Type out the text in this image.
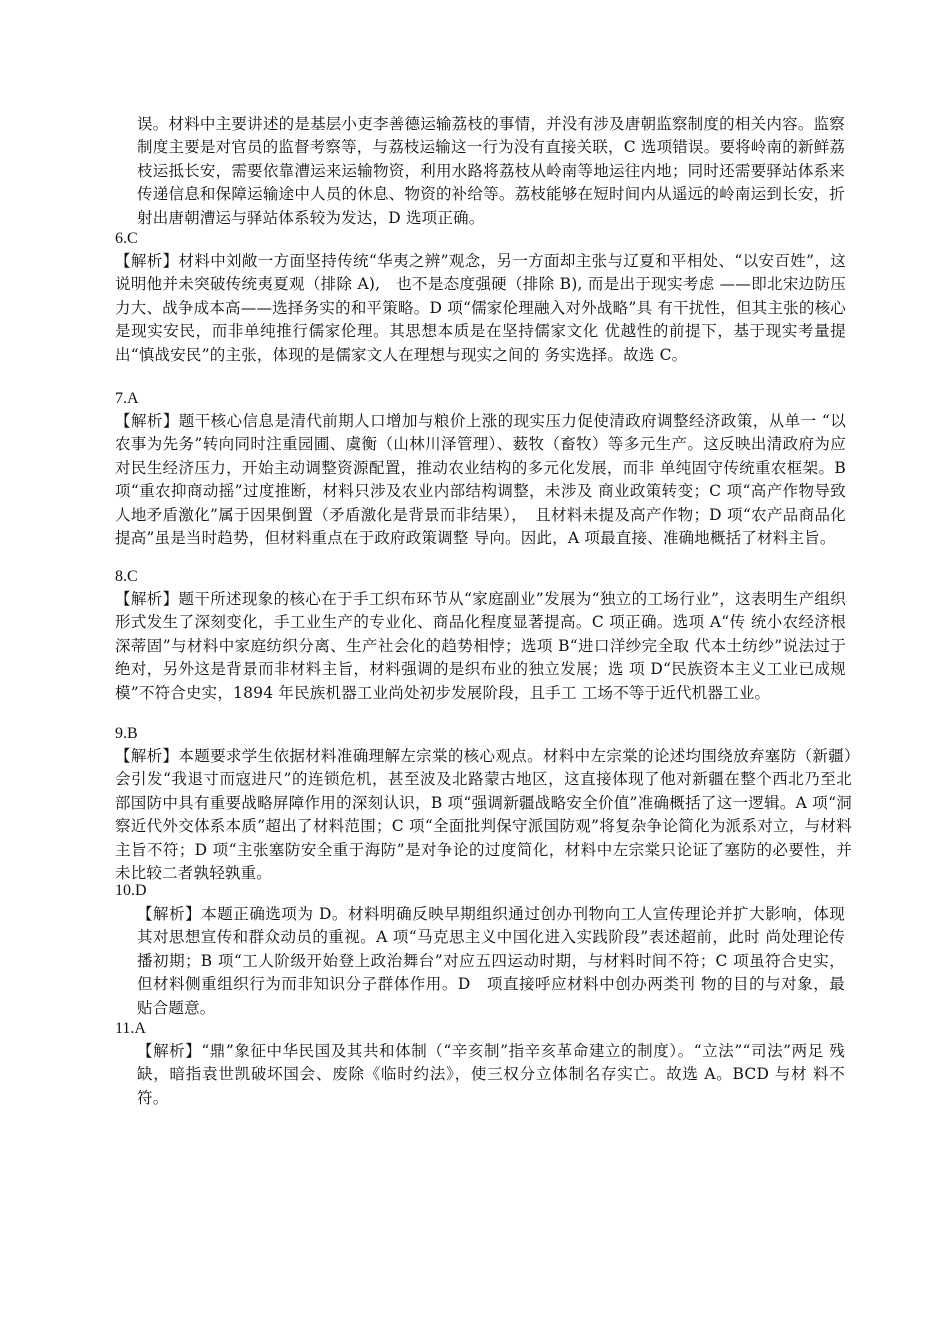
误。材料中主要讲述的是基层小吏李善德运输荔枝的事情，并没有涉及唐朝监察制度的相关内容。监察制度主要是对官员的监督考察等，与荔枝运输这一行为没有直接关联，C 选项错误。要将岭南的新鲜荔枝运抵长安，需要依靠漕运来运输物资，利用水路将荔枝从岭南等地运往内地；同时还需要驿站体系来传递信息和保障运输途中人员的休息、物资的补给等。荔枝能够在短时间内从遥远的岭南运到长安，折射出唐朝漕运与驿站体系较为发达，D 选项正确。

6.C

【解析】材料中刘敞一方面坚持传统“华夷之辨”观念，另一方面却主张与辽夏和平相处、“以安百姓”，这说明他并未突破传统夷夏观（排除 A),　也不是态度强硬（排除 B), 而是出于现实考虑 ——即北宋边防压力大、战争成本高——选择务实的和平策略。D 项“儒家伦理融入对外战略”具 有干扰性，但其主张的核心是现实安民，而非单纯推行儒家伦理。其思想本质是在坚持儒家文化 优越性的前提下，基于现实考量提出“慎战安民”的主张，体现的是儒家文人在理想与现实之间的 务实选择。故选 C。

7.A

【解析】题干核心信息是清代前期人口增加与粮价上涨的现实压力促使清政府调整经济政策，从单一 “以农事为先务”转向同时注重园圃、虞衡（山林川泽管理）、薮牧（畜牧）等多元生产。这反映出清政府为应对民生经济压力，开始主动调整资源配置，推动农业结构的多元化发展，而非 单纯固守传统重农框架。B 项“重农抑商动摇”过度推断，材料只涉及农业内部结构调整，未涉及 商业政策转变；C 项“高产作物导致人地矛盾激化”属于因果倒置（矛盾激化是背景而非结果），　且材料未提及高产作物；D 项“农产品商品化提高”虽是当时趋势，但材料重点在于政府政策调整 导向。因此，A 项最直接、准确地概括了材料主旨。

8.C

【解析】题干所述现象的核心在于手工织布环节从“家庭副业”发展为“独立的工场行业”，这表明生产组织形式发生了深刻变化，手工业生产的专业化、商品化程度显著提高。C 项正确。选项 A“传 统小农经济根深蒂固”与材料中家庭纺织分离、生产社会化的趋势相悖；选项 B“进口洋纱完全取 代本土纺纱”说法过于绝对，另外这是背景而非材料主旨，材料强调的是织布业的独立发展；选 项 D“民族资本主义工业已成规模”不符合史实，1894 年民族机器工业尚处初步发展阶段，且手工 工场不等于近代机器工业。

9.B

【解析】本题要求学生依据材料准确理解左宗棠的核心观点。材料中左宗棠的论述均围绕放弃塞防（新疆）会引发“我退寸而寇进尺”的连锁危机，甚至波及北路蒙古地区，这直接体现了他对新疆在整个西北乃至北部国防中具有重要战略屏障作用的深刻认识，B 项“强调新疆战略安全价值”准确概括了这一逻辑。A 项“洞察近代外交体系本质”超出了材料范围；C 项“全面批判保守派国防观”将复杂争论简化为派系对立，与材料主旨不符；D 项“主张塞防安全重于海防”是对争论的过度简化，材料中左宗棠只论证了塞防的必要性，并未比较二者孰轻孰重。

10.D

【解析】本题正确选项为 D。材料明确反映早期组织通过创办刊物向工人宣传理论并扩大影响，体现其对思想宣传和群众动员的重视。A 项“马克思主义中国化进入实践阶段”表述超前，此时 尚处理论传播初期；B 项“工人阶级开始登上政治舞台”对应五四运动时期，与材料时间不符；C 项虽符合史实，但材料侧重组织行为而非知识分子群体作用。D　项直接呼应材料中创办两类刊 物的目的与对象，最贴合题意。

11.A

【解析】“鼎”象征中华民国及其共和体制（“辛亥制”指辛亥革命建立的制度）。“立法”“司法”两足 残缺，暗指袁世凯破坏国会、废除《临时约法》，使三权分立体制名存实亡。故选 A。BCD 与材 料不符。
